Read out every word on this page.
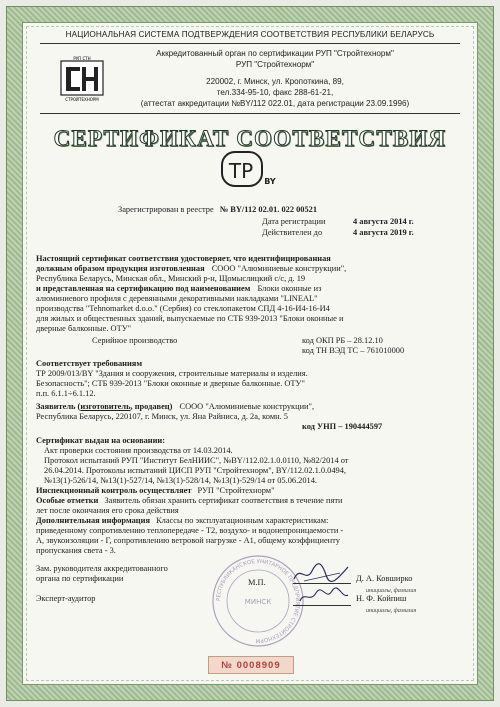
НАЦИОНАЛЬНАЯ СИСТЕМА ПОДТВЕРЖДЕНИЯ СООТВЕТСТВИЯ РЕСПУБЛИКИ БЕЛАРУСЬ
РУП СТН
СТРОЙТЕХНОРМ
Аккредитованный орган по сертификации РУП "Стройтехнорм"
РУП "Стройтехнорм"
220002, г. Минск, ул. Кропоткина, 89,
тел.334-95-10, факс 288-61-21,
(аттестат аккредитации №BY/112 022.01, дата регистрации 23.09.1996)
СЕРТИФИКАТ СООТВЕТСТВИЯ
ТР BY
Зарегистрирован в реестре № BY/112 02.01. 022 00521
Дата регистрации	4 августа 2014 г.
Действителен до	4 августа 2019 г.
Настоящий сертификат соответствия удостоверяет, что идентифицированная
должным образом продукция изготовленная СООО "Алюминиевые конструкции",
Республика Беларусь, Минская обл., Минский р-н, Щомыслицкий с/с, д. 19
и представленная на сертификацию под наименованием Блоки оконные из
алюминиевого профиля с деревянными декоративными накладками "LINEAL"
производства "Tehnomarket d.o.o." (Сербия) со стеклопакетом СПД 4-16-И4-16-И4
для жилых и общественных зданий, выпускаемые по СТБ 939-2013 "Блоки оконные и
дверные балконные. ОТУ"
Серийное производство	код ОКП РБ – 28.12.10
код ТН ВЭД ТС – 761010000
Соответствует требованиям
ТР 2009/013/BY "Здания и сооружения, строительные материалы и изделия.
Безопасность"; СТБ 939-2013 "Блоки оконные и дверные балконные. ОТУ"
п.п. 6.1.1÷6.1.12.
Заявитель (изготовитель, продавец) СООО "Алюминиевые конструкции",
Республика Беларусь, 220107, г. Минск, ул. Яна Райниса, д. 2а, комн. 5
код УНП – 190444597
Сертификат выдан на основании:
Акт проверки состояния производства от 14.03.2014.
Протокол испытаний РУП "Институт БелНИИС", №BY/112.02.1.0.0110, №82/2014 от
26.04.2014. Протоколы испытаний ЦИСП РУП "Стройтехнорм", BY/112.02.1.0.0494,
№13(1)-526/14, №13(1)-527/14, №13(1)-528/14, №13(1)-529/14 от 05.06.2014.
Инспекционный контроль осуществляет РУП "Стройтехнорм"
Особые отметки Заявитель обязан хранить сертификат соответствия в течение пяти
лет после окончания его срока действия
Дополнительная информация Классы по эксплуатационным характеристикам:
приведенному сопротивлению теплопередаче - Т2, воздухо- и водонепроницаемости -
А, звукоизоляции - Г, сопротивлению ветровой нагрузке - А1, общему коэффициенту
пропускания света - 3.
Зам. руководителя аккредитованного
органа по сертификации	М.П.
РЕСПУБЛИКАНСКОЕ УНИТАРНОЕ ПРЕДПРИЯТИЕ СТРОЙТЕХНОРМ
МИНСК
Д. А. Ковширко
инициалы, фамилия
Эксперт-аудитор	Н. Ф. Койпиш
инициалы, фамилия
№ 0008909
